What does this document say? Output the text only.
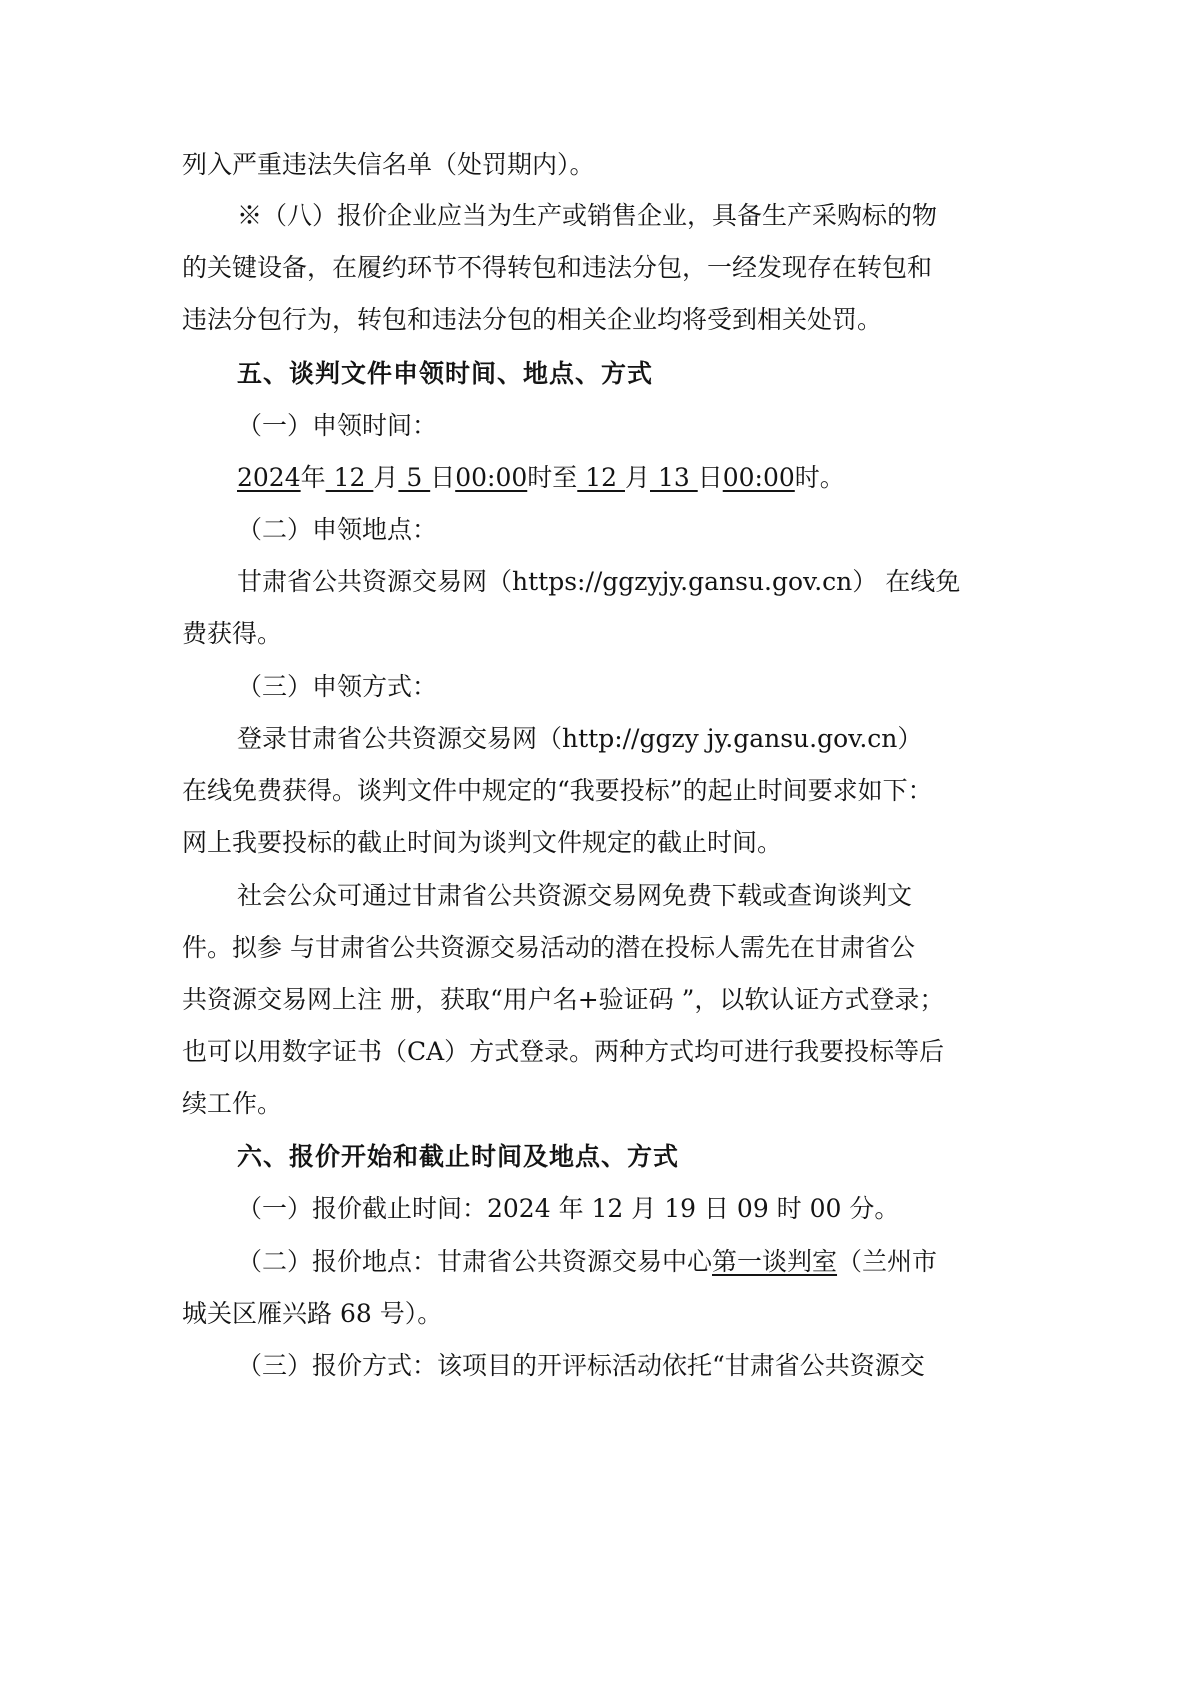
列入严重违法失信名单（处罚期内）。
※（八）报价企业应当为生产或销售企业，具备生产采购标的物
的关键设备，在履约环节不得转包和违法分包，一经发现存在转包和
违法分包行为，转包和违法分包的相关企业均将受到相关处罚。
五、谈判文件申领时间、地点、方式
（一）申领时间：
2024年 12 月 5 日00:00时至 12 月 13 日00:00时。
（二）申领地点：
甘肃省公共资源交易网（https://ggzyjy.gansu.gov.cn） 在线免
费获得。
（三）申领方式：
登录甘肃省公共资源交易网（http://ggzy jy.gansu.gov.cn）
在线免费获得。谈判文件中规定的“我要投标”的起止时间要求如下：
网上我要投标的截止时间为谈判文件规定的截止时间。
社会公众可通过甘肃省公共资源交易网免费下载或查询谈判文
件。拟参 与甘肃省公共资源交易活动的潜在投标人需先在甘肃省公
共资源交易网上注 册，获取“用户名+验证码 ”，以软认证方式登录；
也可以用数字证书（CA）方式登录。两种方式均可进行我要投标等后
续工作。
六、报价开始和截止时间及地点、方式
（一）报价截止时间：2024 年 12 月 19 日 09 时 00 分。
（二）报价地点：甘肃省公共资源交易中心第一谈判室（兰州市
城关区雁兴路 68 号）。
（三）报价方式：该项目的开评标活动依托“甘肃省公共资源交
